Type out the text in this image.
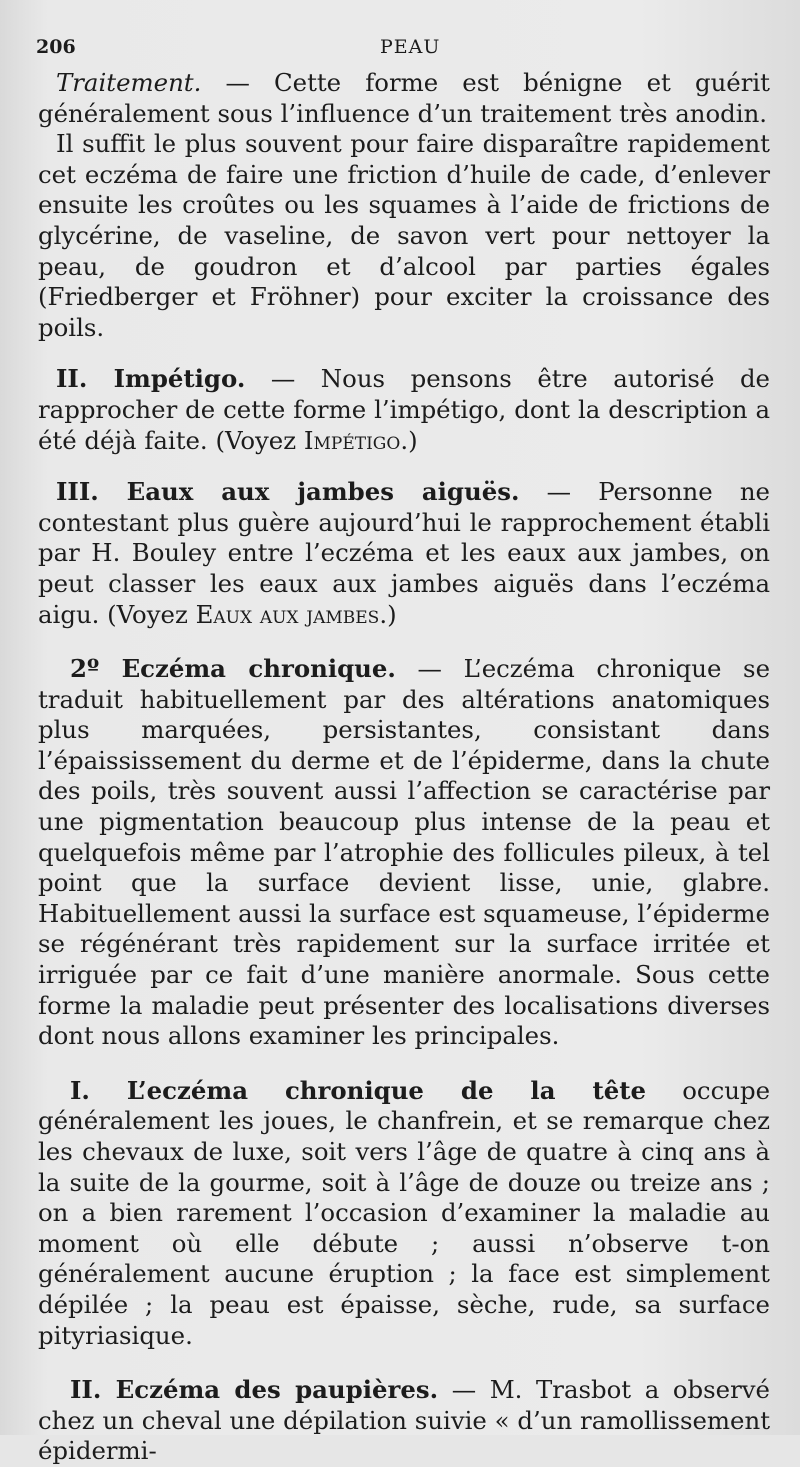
206	PEAU

Traitement. — Cette forme est bénigne et guérit généralement sous l’influence d’un traitement très anodin.

Il suffit le plus souvent pour faire disparaître rapidement cet eczéma de faire une friction d’huile de cade, d’enlever ensuite les croûtes ou les squames à l’aide de frictions de glycérine, de vaseline, de savon vert pour nettoyer la peau, de goudron et d’alcool par parties égales (Friedberger et Fröhner) pour exciter la croissance des poils.

II. Impétigo. — Nous pensons être autorisé de rapprocher de cette forme l’impétigo, dont la description a été déjà faite. (Voyez Impétigo.)

III. Eaux aux jambes aiguës. — Personne ne contestant plus guère aujourd’hui le rapprochement établi par H. Bouley entre l’eczéma et les eaux aux jambes, on peut classer les eaux aux jambes aiguës dans l’eczéma aigu. (Voyez Eaux aux jambes.)

2º Eczéma chronique. — L’eczéma chronique se traduit habituellement par des altérations anatomiques plus marquées, persistantes, consistant dans l’épaississement du derme et de l’épiderme, dans la chute des poils, très souvent aussi l’affection se caractérise par une pigmentation beaucoup plus intense de la peau et quelquefois même par l’atrophie des follicules pileux, à tel point que la surface devient lisse, unie, glabre. Habituellement aussi la surface est squameuse, l’épiderme se régénérant très rapidement sur la surface irritée et irriguée par ce fait d’une manière anormale. Sous cette forme la maladie peut présenter des localisations diverses dont nous allons examiner les principales.

I. L’eczéma chronique de la tête occupe généralement les joues, le chanfrein, et se remarque chez les chevaux de luxe, soit vers l’âge de quatre à cinq ans à la suite de la gourme, soit à l’âge de douze ou treize ans ; on a bien rarement l’occasion d’examiner la maladie au moment où elle débute ; aussi n’observe t-on généralement aucune éruption ; la face est simplement dépilée ; la peau est épaisse, sèche, rude, sa surface pityriasique.

II. Eczéma des paupières. — M. Trasbot a observé chez un cheval une dépilation suivie « d’un ramollissement épidermi-
